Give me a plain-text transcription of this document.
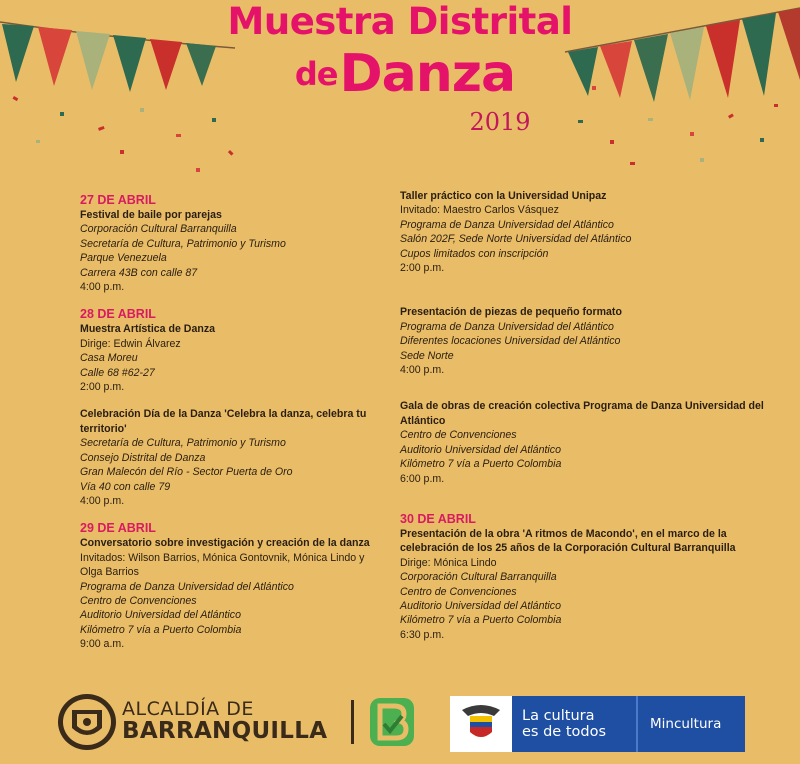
Muestra Distrital
deDanza
2019
27 DE ABRIL
Festival de baile por parejas
Corporación Cultural Barranquilla
Secretaría de Cultura, Patrimonio y Turismo
Parque Venezuela
Carrera 43B con calle 87
4:00 p.m.
28 DE ABRIL
Muestra Artística de Danza
Dirige: Edwin Álvarez
Casa Moreu
Calle 68 #62-27
2:00 p.m.
Celebración Día de la Danza 'Celebra la danza, celebra tu territorio'
Secretaría de Cultura, Patrimonio y Turismo
Consejo Distrital de Danza
Gran Malecón del Río - Sector Puerta de Oro
Vía 40 con calle 79
4:00 p.m.
29 DE ABRIL
Conversatorio sobre investigación y creación de la danza
Invitados: Wilson Barrios, Mónica Gontovnik, Mónica Lindo y Olga Barrios
Programa de Danza Universidad del Atlántico
Centro de Convenciones
Auditorio Universidad del Atlántico
Kilómetro 7 vía a Puerto Colombia
9:00 a.m.
Taller práctico con la Universidad Unipaz
Invitado: Maestro Carlos Vásquez
Programa de Danza Universidad del Atlántico
Salón 202F, Sede Norte Universidad del Atlántico
Cupos limitados con inscripción
2:00 p.m.
Presentación de piezas de pequeño formato
Programa de Danza Universidad del Atlántico
Diferentes locaciones Universidad del Atlántico
Sede Norte
4:00 p.m.
Gala de obras de creación colectiva Programa de Danza Universidad del Atlántico
Centro de Convenciones
Auditorio Universidad del Atlántico
Kilómetro 7 vía a Puerto Colombia
6:00 p.m.
30 DE ABRIL
Presentación de la obra 'A ritmos de Macondo', en el marco de la celebración de los 25 años de la Corporación Cultural Barranquilla
Dirige: Mónica Lindo
Corporación Cultural Barranquilla
Centro de Convenciones
Auditorio Universidad del Atlántico
Kilómetro 7 vía a Puerto Colombia
6:30 p.m.
ALCALDÍA DE
BARRANQUILLA
La cultura
es de todos	Mincultura
